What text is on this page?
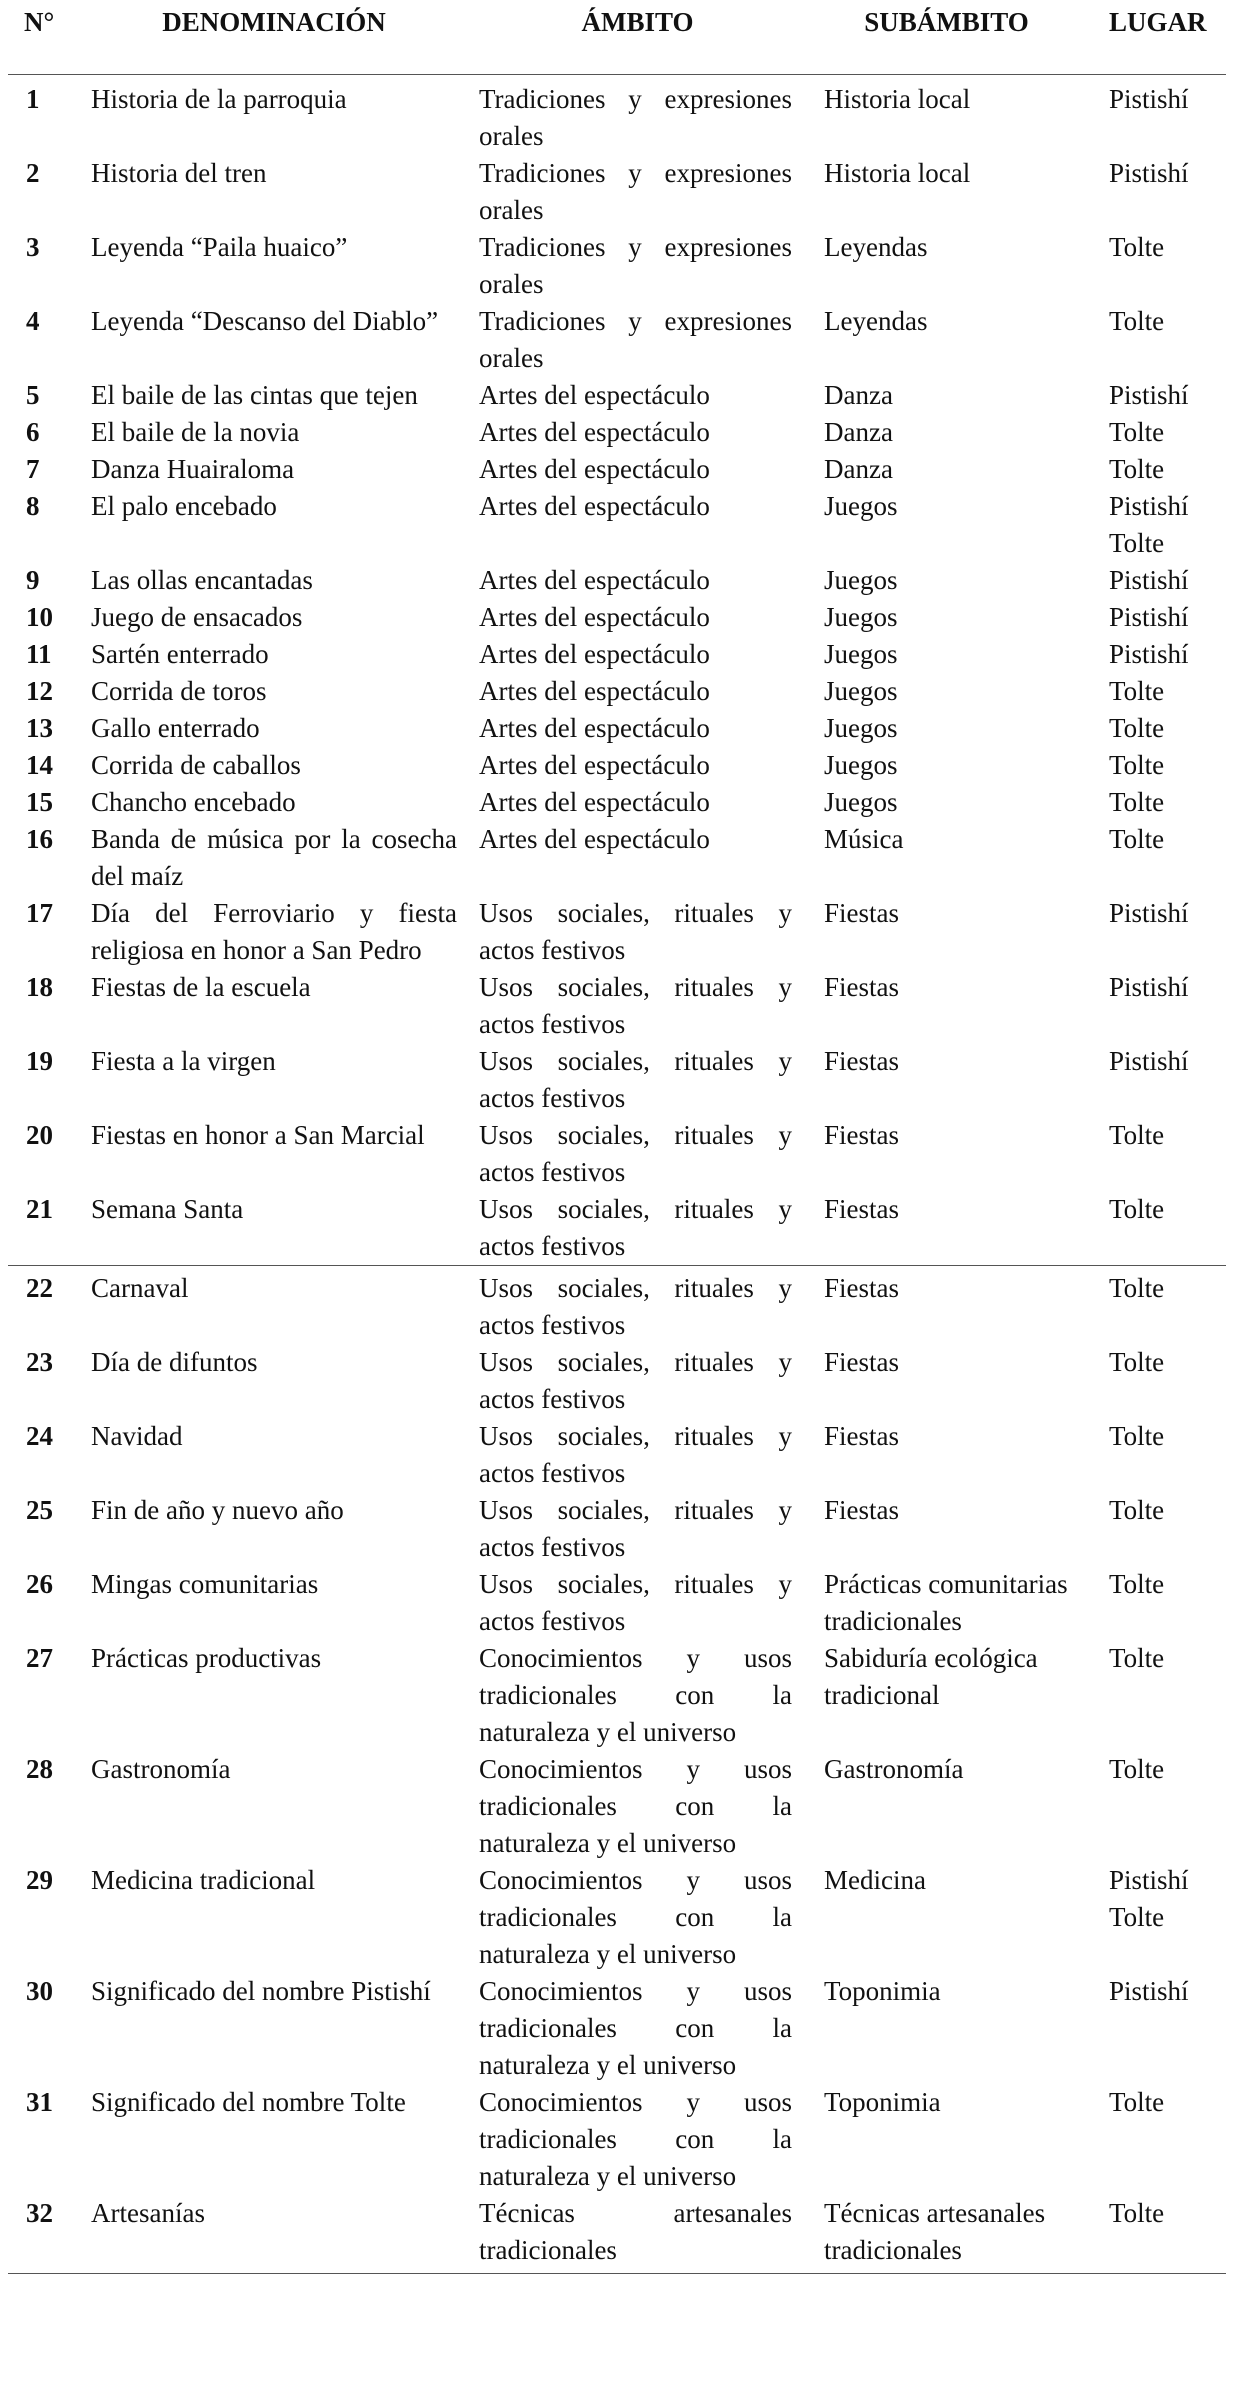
N°	DENOMINACIÓN	ÁMBITO	SUBÁMBITO	LUGAR
1	Historia de la parroquia	Tradiciones y expresiones orales	Historia local	Pistishí
2	Historia del tren	Tradiciones y expresiones orales	Historia local	Pistishí
3	Leyenda “Paila huaico”	Tradiciones y expresiones orales	Leyendas	Tolte
4	Leyenda “Descanso del Diablo”	Tradiciones y expresiones orales	Leyendas	Tolte
5	El baile de las cintas que tejen	Artes del espectáculo	Danza	Pistishí
6	El baile de la novia	Artes del espectáculo	Danza	Tolte
7	Danza Huairaloma	Artes del espectáculo	Danza	Tolte
8	El palo encebado	Artes del espectáculo	Juegos	Pistishí Tolte
9	Las ollas encantadas	Artes del espectáculo	Juegos	Pistishí
10	Juego de ensacados	Artes del espectáculo	Juegos	Pistishí
11	Sartén enterrado	Artes del espectáculo	Juegos	Pistishí
12	Corrida de toros	Artes del espectáculo	Juegos	Tolte
13	Gallo enterrado	Artes del espectáculo	Juegos	Tolte
14	Corrida de caballos	Artes del espectáculo	Juegos	Tolte
15	Chancho encebado	Artes del espectáculo	Juegos	Tolte
16	Banda de música por la cosecha del maíz	Artes del espectáculo	Música	Tolte
17	Día del Ferroviario y fiesta religiosa en honor a San Pedro	Usos sociales, rituales y actos festivos	Fiestas	Pistishí
18	Fiestas de la escuela	Usos sociales, rituales y actos festivos	Fiestas	Pistishí
19	Fiesta a la virgen	Usos sociales, rituales y actos festivos	Fiestas	Pistishí
20	Fiestas en honor a San Marcial	Usos sociales, rituales y actos festivos	Fiestas	Tolte
21	Semana Santa	Usos sociales, rituales y actos festivos	Fiestas	Tolte
22	Carnaval	Usos sociales, rituales y actos festivos	Fiestas	Tolte
23	Día de difuntos	Usos sociales, rituales y actos festivos	Fiestas	Tolte
24	Navidad	Usos sociales, rituales y actos festivos	Fiestas	Tolte
25	Fin de año y nuevo año	Usos sociales, rituales y actos festivos	Fiestas	Tolte
26	Mingas comunitarias	Usos sociales, rituales y actos festivos	Prácticas comunitarias tradicionales	Tolte
27	Prácticas productivas	Conocimientos y usos tradicionales con la naturaleza y el universo	Sabiduría ecológica tradicional	Tolte
28	Gastronomía	Conocimientos y usos tradicionales con la naturaleza y el universo	Gastronomía	Tolte
29	Medicina tradicional	Conocimientos y usos tradicionales con la naturaleza y el universo	Medicina	Pistishí Tolte
30	Significado del nombre Pistishí	Conocimientos y usos tradicionales con la naturaleza y el universo	Toponimia	Pistishí
31	Significado del nombre Tolte	Conocimientos y usos tradicionales con la naturaleza y el universo	Toponimia	Tolte
32	Artesanías	Técnicas artesanales tradicionales	Técnicas artesanales tradicionales	Tolte
